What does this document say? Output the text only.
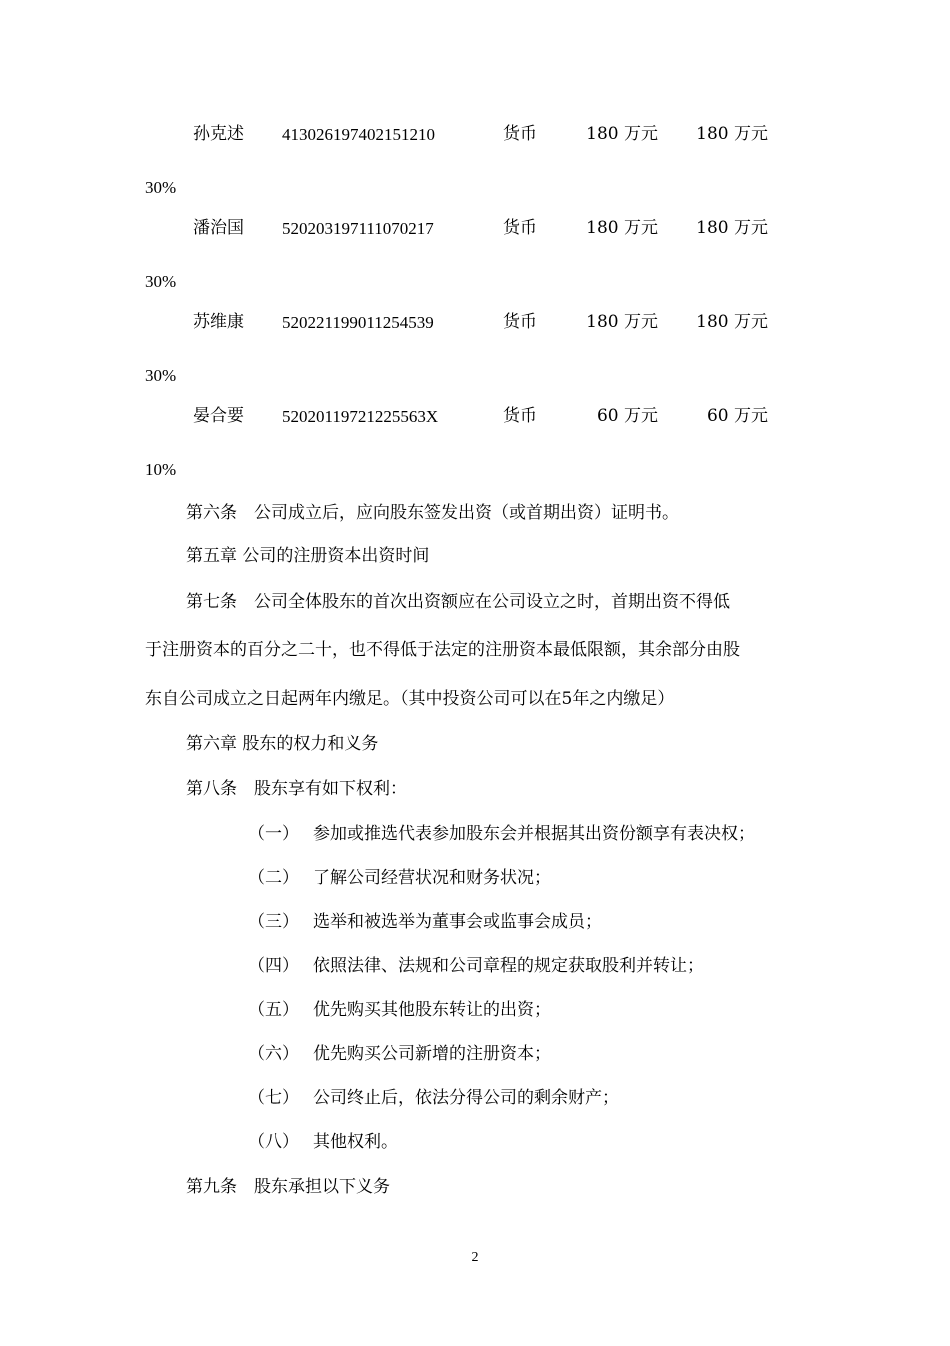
孙克述 413026197402151210	货币	180 万元	180 万元
30%
潘治国 520203197111070217	货币	180 万元	180 万元
30%
苏维康 520221199011254539	货币	180 万元	180 万元
30%
晏合要 52020119721225563X	货币	60 万元	60 万元
10%
第六条　公司成立后，应向股东签发出资（或首期出资）证明书。
第五章 公司的注册资本出资时间
第七条　公司全体股东的首次出资额应在公司设立之时，首期出资不得低
于注册资本的百分之二十，也不得低于法定的注册资本最低限额，其余部分由股
东自公司成立之日起两年内缴足。（其中投资公司可以在5年之内缴足）
第六章 股东的权力和义务
第八条　股东享有如下权利：
（一） 参加或推选代表参加股东会并根据其出资份额享有表决权；
（二） 了解公司经营状况和财务状况；
（三） 选举和被选举为董事会或监事会成员；
（四） 依照法律、法规和公司章程的规定获取股利并转让；
（五） 优先购买其他股东转让的出资；
（六） 优先购买公司新增的注册资本；
（七） 公司终止后，依法分得公司的剩余财产；
（八） 其他权利。
第九条　股东承担以下义务
2
